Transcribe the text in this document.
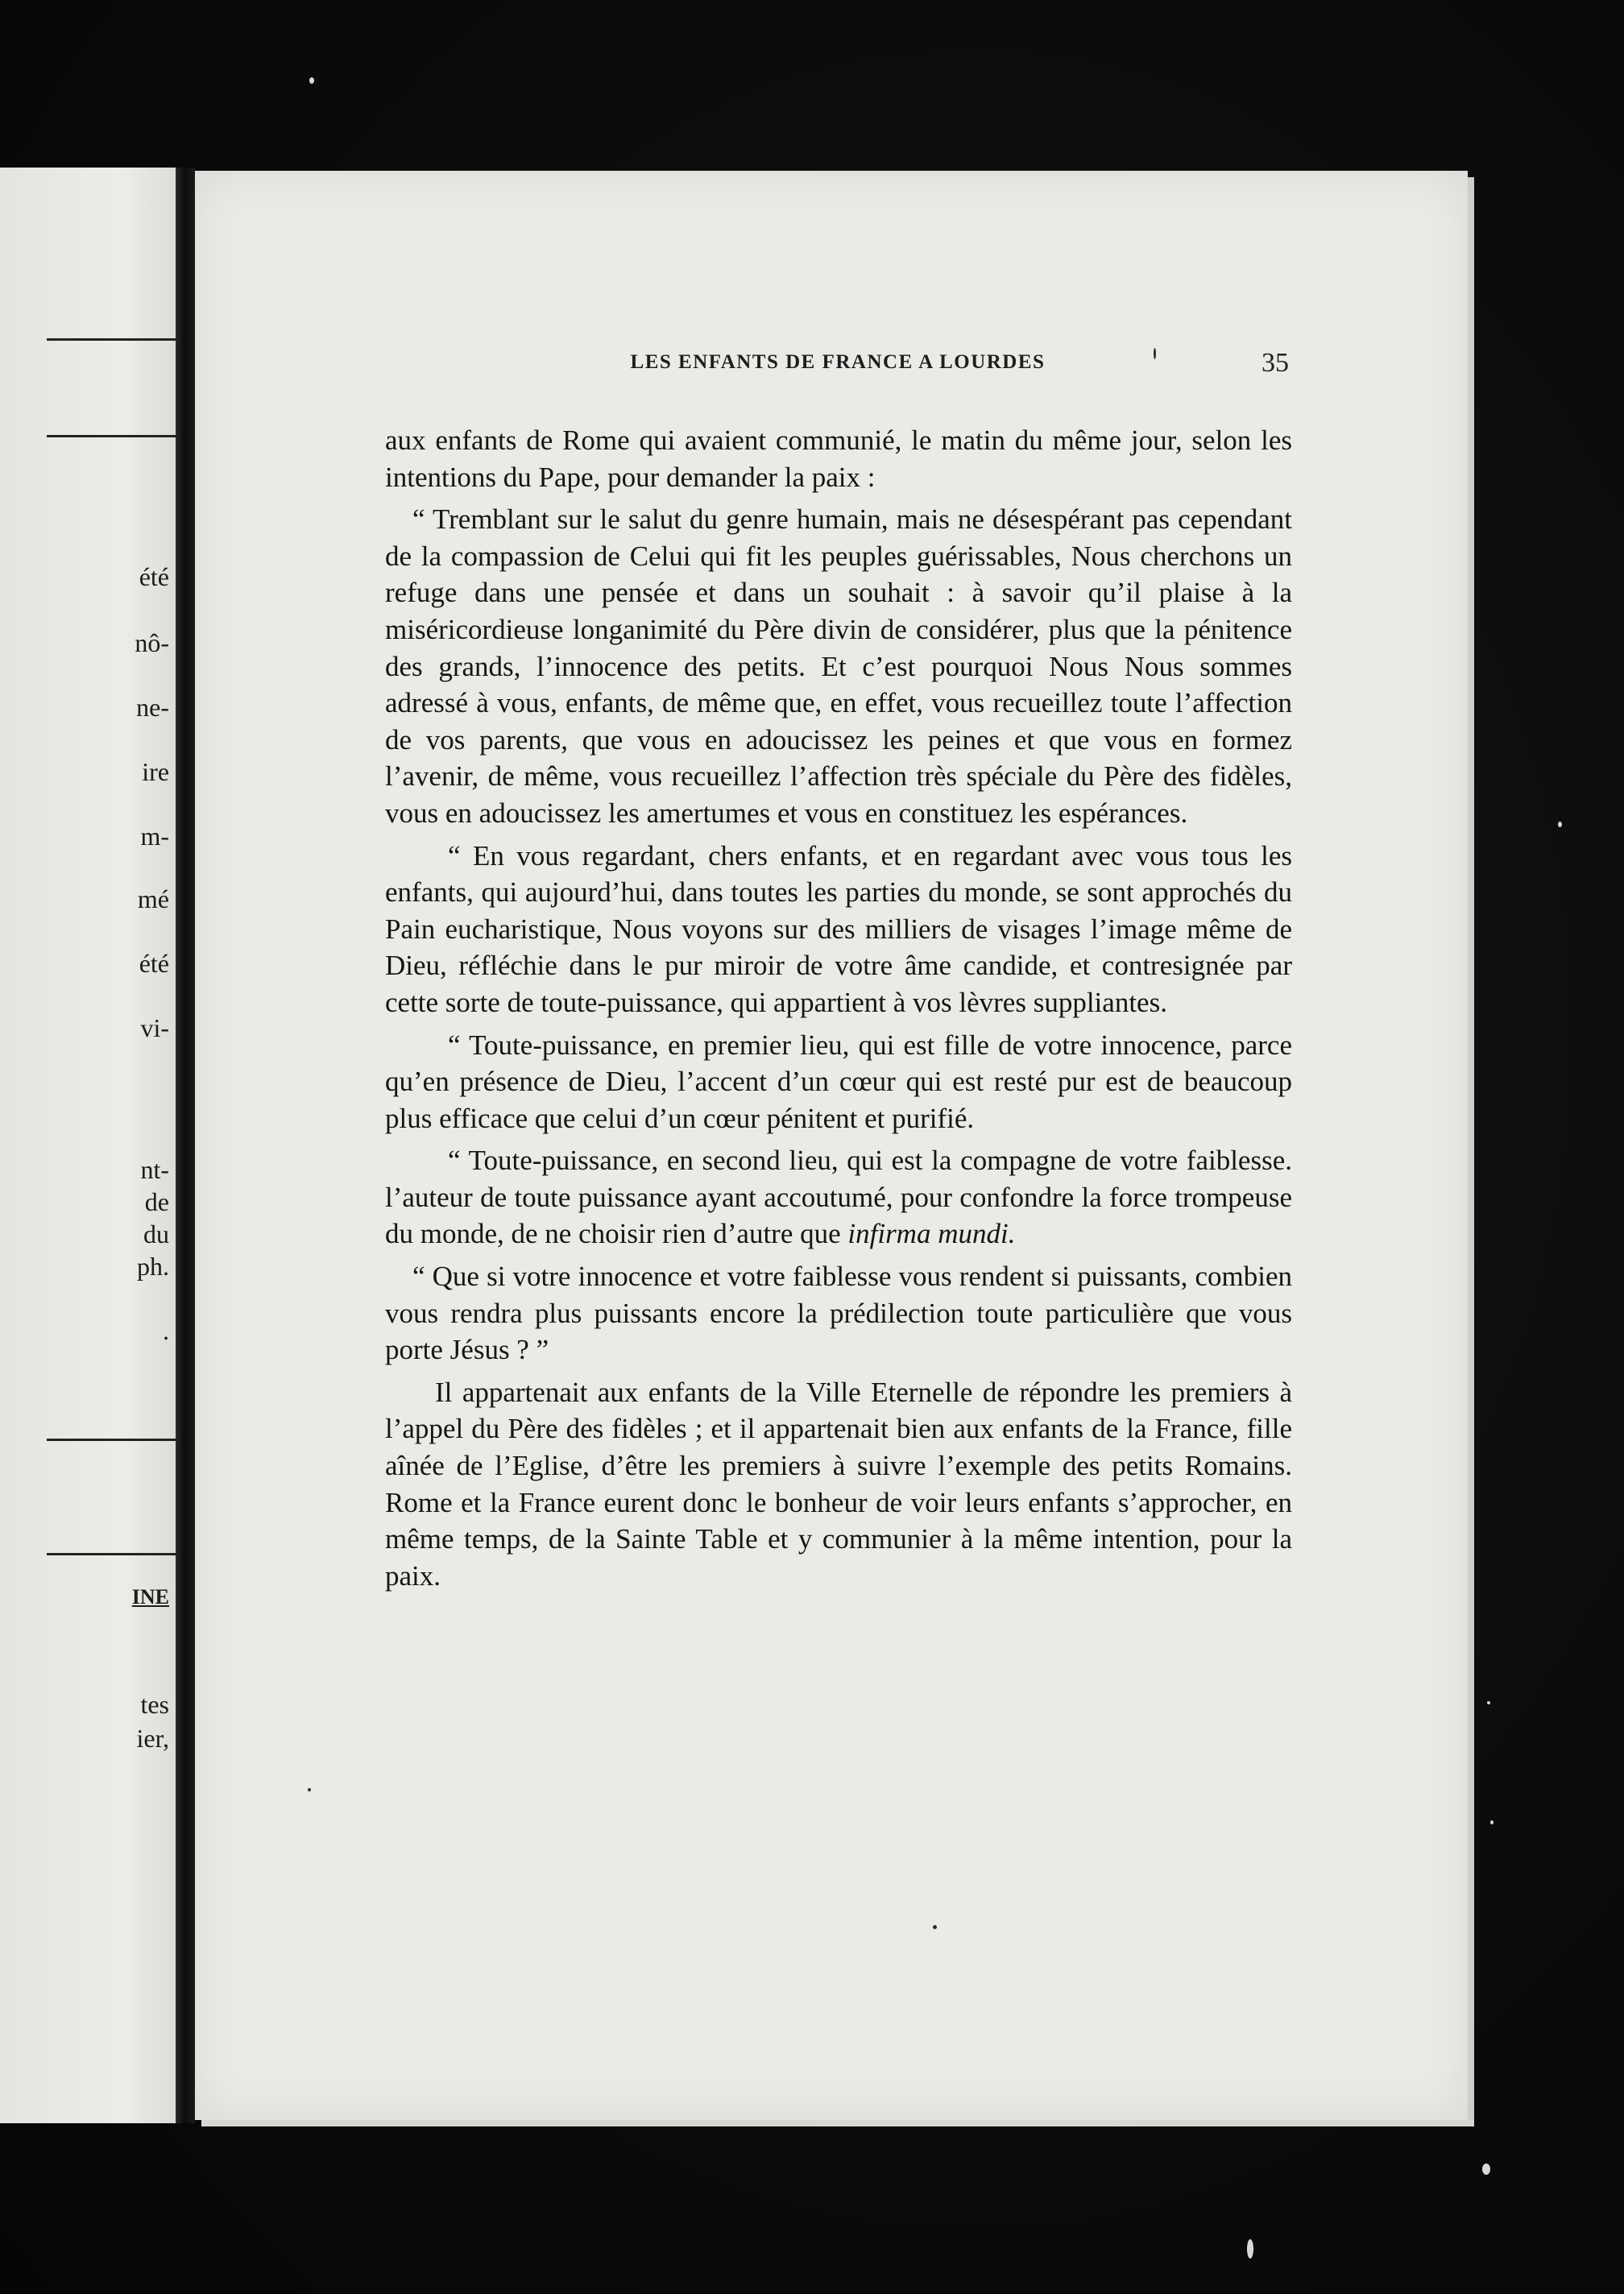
été
nô-
ne-
ire
m-
mé
été
vi-
nt-
de
du
ph.
.
INE
tes
ier,
LES ENFANTS DE FRANCE A LOURDES	35

aux enfants de Rome qui avaient communié, le matin du même jour, selon les intentions du Pape, pour demander la paix :

“ Tremblant sur le salut du genre humain, mais ne désespérant pas cependant de la compassion de Celui qui fit les peuples guérissables, Nous cherchons un refuge dans une pensée et dans un souhait : à savoir qu’il plaise à la miséricordieuse longanimité du Père divin de considérer, plus que la pénitence des grands, l’innocence des petits. Et c’est pourquoi Nous Nous sommes adressé à vous, enfants, de même que, en effet, vous recueillez toute l’affection de vos parents, que vous en adoucissez les peines et que vous en formez l’avenir, de même, vous recueillez l’affection très spéciale du Père des fidèles, vous en adoucissez les amertumes et vous en constituez les espérances.

“ En vous regardant, chers enfants, et en regardant avec vous tous les enfants, qui aujourd’hui, dans toutes les parties du monde, se sont approchés du Pain eucharistique, Nous voyons sur des milliers de visages l’image même de Dieu, réfléchie dans le pur miroir de votre âme candide, et contresignée par cette sorte de toute-puissance, qui appartient à vos lèvres suppliantes.

“ Toute-puissance, en premier lieu, qui est fille de votre innocence, parce qu’en présence de Dieu, l’accent d’un cœur qui est resté pur est de beaucoup plus efficace que celui d’un cœur pénitent et purifié.

“ Toute-puissance, en second lieu, qui est la compagne de votre faiblesse. l’auteur de toute puissance ayant accoutumé, pour confondre la force trompeuse du monde, de ne choisir rien d’autre que infirma mundi.

“ Que si votre innocence et votre faiblesse vous rendent si puissants, combien vous rendra plus puissants encore la prédilection toute particulière que vous porte Jésus ? ”

Il appartenait aux enfants de la Ville Eternelle de répondre les premiers à l’appel du Père des fidèles ; et il appartenait bien aux enfants de la France, fille aînée de l’Eglise, d’être les premiers à suivre l’exemple des petits Romains. Rome et la France eurent donc le bonheur de voir leurs enfants s’approcher, en même temps, de la Sainte Table et y communier à la même intention, pour la paix.
